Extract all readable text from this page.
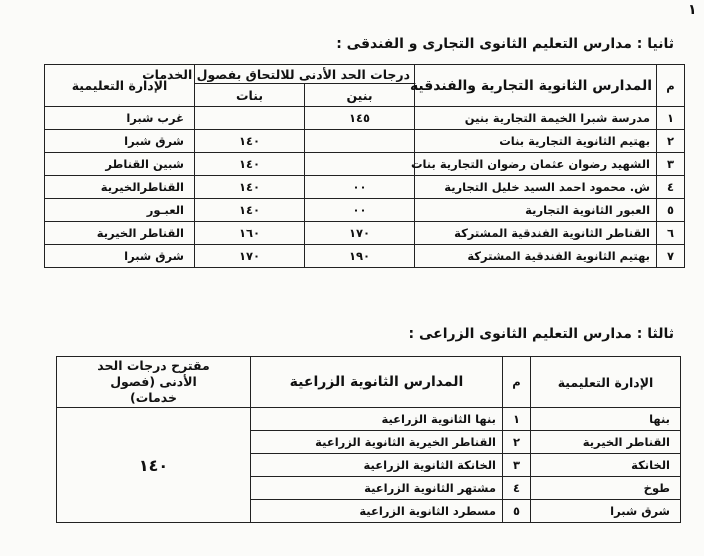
١
ثانيا : مدارس التعليم الثانوى التجارى و الفندقى :
م	المدارس الثانوية التجارية والفندقية	درجات الحد الأدنى للالتحاق بفصول الخدمات		الإدارة التعليمية
		بنين	بنات	
١	مدرسة شبرا الخيمة التجارية بنين	١٤٥		غرب شبرا
٢	بهتيم الثانوية التجارية بنات		١٤٠	شرق شبرا
٣	الشهيد رضوان عثمان رضوان التجارية بنات		١٤٠	شبين القناطر
٤	ش. محمود احمد السيد خليل التجارية	٠٠	١٤٠	القناطرالخيرية
٥	العبور الثانوية التجارية	٠٠	١٤٠	العبـور
٦	القناطر الثانوية الفندقية المشتركة	١٧٠	١٦٠	القناطر الخيرية
٧	بهتيم الثانوية الفندقية المشتركة	١٩٠	١٧٠	شرق شبرا
ثالثا : مدارس التعليم الثانوى الزراعى :
الإدارة التعليمية	م	المدارس الثانوية الزراعية	مقترح درجات الحد الأدنى (فصول خدمات)
بنها	١	بنها الثانوية الزراعية	١٤٠
القناطر الخيرية	٢	القناطر الخيرية الثانوية الزراعية	
الخانكة	٣	الخانكة الثانوية الزراعية	
طوخ	٤	مشتهر الثانوية الزراعية	
شرق شبرا	٥	مسطرد الثانوية الزراعية	
